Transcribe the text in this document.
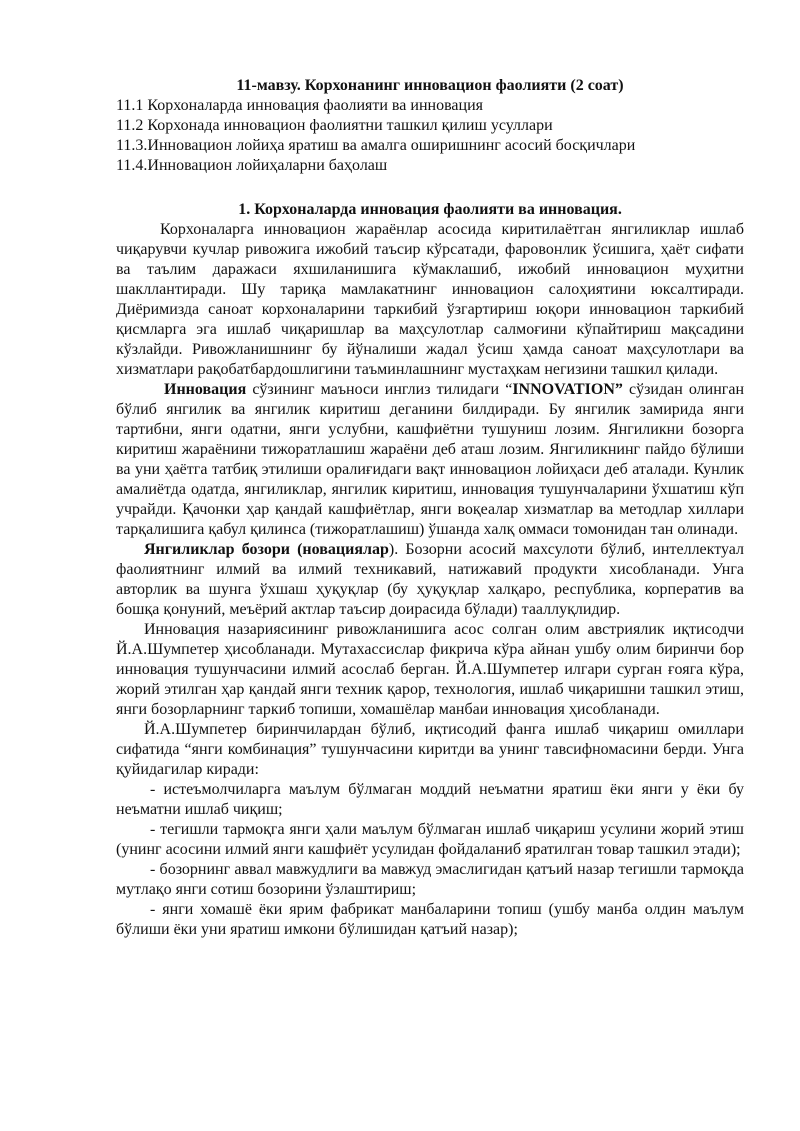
11-мавзу. Корхонанинг инновацион фаолияти (2 соат)

11.1 Корхоналарда инновация фаолияти ва инновация

11.2 Корхонада инновацион фаолиятни ташкил қилиш усуллари

11.3.Инновацион лойиҳа яратиш ва амалга оширишнинг асосий босқичлари

11.4.Инновацион лойиҳаларни баҳолаш

1. Корхоналарда инновация фаолияти ва инновация.

Корхоналарга инновацион жараёнлар асосида киритилаётган янгиликлар ишлаб чиқарувчи кучлар ривожига ижобий таъсир кўрсатади, фаровонлик ўсишига, ҳаёт сифати ва таълим даражаси яхшиланишига кўмаклашиб, ижобий инновацион муҳитни шакллантиради. Шу тариқа мамлакатнинг инновацион салоҳиятини юксалтиради. Диёримизда саноат корхоналарини таркибий ўзгартириш юқори инновацион таркибий қисмларга эга ишлаб чиқаришлар ва маҳсулотлар салмоғини кўпайтириш мақсадини кўзлайди. Ривожланишнинг бу йўналиши жадал ўсиш ҳамда саноат маҳсулотлари ва хизматлари рақобатбардошлигини таъминлашнинг мустаҳкам негизини ташкил қилади.

Инновация сўзининг маъноси инглиз тилидаги “INNOVATION” сўзидан олинган бўлиб янгилик ва янгилик киритиш деганини билдиради. Бу янгилик замирида янги тартибни, янги одатни, янги услубни, кашфиётни тушуниш лозим. Янгиликни бозорга киритиш жараёнини тижоратлашиш жараёни деб аташ лозим. Янгиликнинг пайдо бўлиши ва уни ҳаётга татбиқ этилиши оралиғидаги вақт инновацион лойиҳаси деб аталади. Кунлик амалиётда одатда, янгиликлар, янгилик киритиш, инновация тушунчаларини ўхшатиш кўп учрайди. Қачонки ҳар қандай кашфиётлар, янги воқеалар хизматлар ва методлар хиллари тарқалишига қабул қилинса (тижоратлашиш) ўшанда халқ оммаси томонидан тан олинади.

Янгиликлар бозори (новациялар). Бозорни асосий махсулоти бўлиб, интеллектуал фаолиятнинг илмий ва илмий техникавий, натижавий продукти хисобланади. Унга авторлик ва шунга ўхшаш ҳуқуқлар (бу ҳуқуқлар халқаро, республика, корператив ва бошқа қонуний, меъёрий актлар таъсир доирасида бўлади) тааллуқлидир.

Инновация назариясининг ривожланишига асос солган олим австриялик иқтисодчи Й.А.Шумпетер ҳисобланади. Мутахассислар фикрича кўра айнан ушбу олим биринчи бор инновация тушунчасини илмий асослаб берган. Й.А.Шумпетер илгари сурган ғояга кўра, жорий этилган ҳар қандай янги техник қарор, технология, ишлаб чиқаришни ташкил этиш, янги бозорларнинг таркиб топиши, хомашёлар манбаи инновация ҳисобланади.

Й.А.Шумпетер биринчилардан бўлиб, иқтисодий фанга ишлаб чиқариш омиллари сифатида “янги комбинация” тушунчасини киритди ва унинг тавсифномасини берди. Унга қуйидагилар киради:

- истеъмолчиларга маълум бўлмаган моддий неъматни яратиш ёки янги у ёки бу неъматни ишлаб чиқиш;

- тегишли тармоқга янги ҳали маълум бўлмаган ишлаб чиқариш усулини жорий этиш (унинг асосини илмий янги кашфиёт усулидан фойдаланиб яратилган товар ташкил этади);

- бозорнинг аввал мавжудлиги ва мавжуд эмаслигидан қатъий назар тегишли тармоқда мутлақо янги сотиш бозорини ўзлаштириш;

- янги хомашё ёки ярим фабрикат манбаларини топиш (ушбу манба олдин маълум бўлиши ёки уни яратиш имкони бўлишидан қатъий назар);
